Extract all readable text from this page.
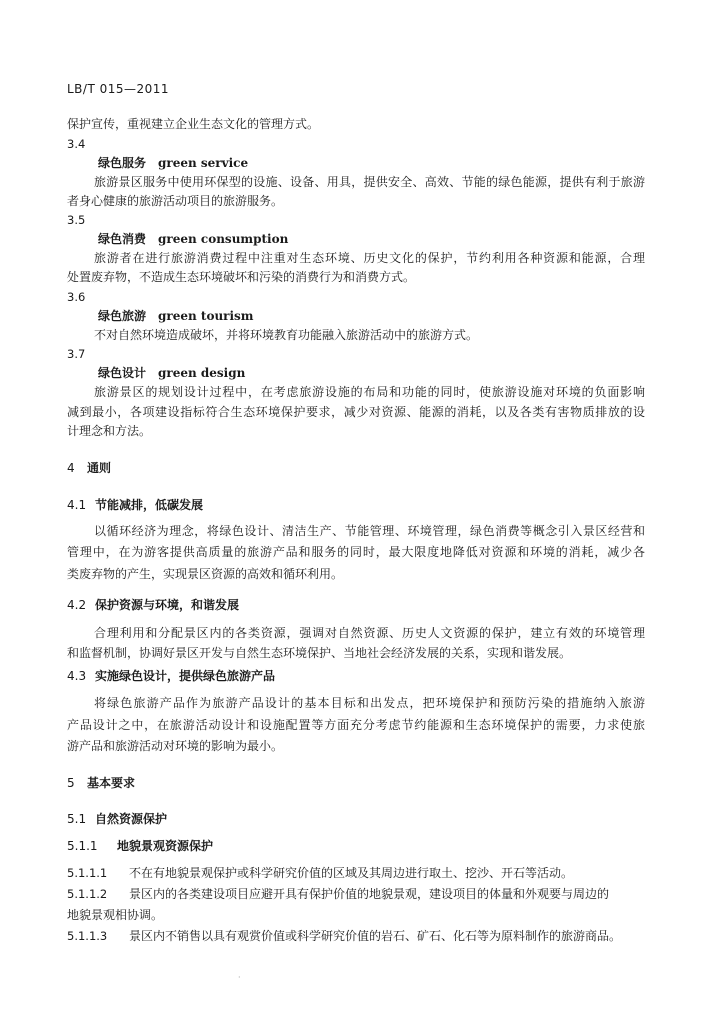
LB/T 015—2011
保护宣传，重视建立企业生态文化的管理方式。
3.4
绿色服务 green service
旅游景区服务中使用环保型的设施、设备、用具，提供安全、高效、节能的绿色能源，提供有利于旅游
者身心健康的旅游活动项目的旅游服务。
3.5
绿色消费 green consumption
旅游者在进行旅游消费过程中注重对生态环境、历史文化的保护，节约利用各种资源和能源，合理
处置废弃物，不造成生态环境破坏和污染的消费行为和消费方式。
3.6
绿色旅游 green tourism
不对自然环境造成破坏，并将环境教育功能融入旅游活动中的旅游方式。
3.7
绿色设计 green design
旅游景区的规划设计过程中，在考虑旅游设施的布局和功能的同时，使旅游设施对环境的负面影响
减到最小，各项建设指标符合生态环境保护要求，减少对资源、能源的消耗，以及各类有害物质排放的设
计理念和方法。
4 通则
4.1 节能减排，低碳发展
以循环经济为理念，将绿色设计、清洁生产、节能管理、环境管理，绿色消费等概念引入景区经营和
管理中，在为游客提供高质量的旅游产品和服务的同时，最大限度地降低对资源和环境的消耗，减少各
类废弃物的产生，实现景区资源的高效和循环利用。
4.2 保护资源与环境，和谐发展
合理利用和分配景区内的各类资源，强调对自然资源、历史人文资源的保护，建立有效的环境管理
和监督机制，协调好景区开发与自然生态环境保护、当地社会经济发展的关系，实现和谐发展。
4.3 实施绿色设计，提供绿色旅游产品
将绿色旅游产品作为旅游产品设计的基本目标和出发点，把环境保护和预防污染的措施纳入旅游
产品设计之中，在旅游活动设计和设施配置等方面充分考虑节约能源和生态环境保护的需要，力求使旅
游产品和旅游活动对环境的影响为最小。
5 基本要求
5.1 自然资源保护
5.1.1 地貌景观资源保护
5.1.1.1 不在有地貌景观保护或科学研究价值的区域及其周边进行取土、挖沙、开石等活动。
5.1.1.2 景区内的各类建设项目应避开具有保护价值的地貌景观，建设项目的体量和外观要与周边的
地貌景观相协调。
5.1.1.3 景区内不销售以具有观赏价值或科学研究价值的岩石、矿石、化石等为原料制作的旅游商品。
·
